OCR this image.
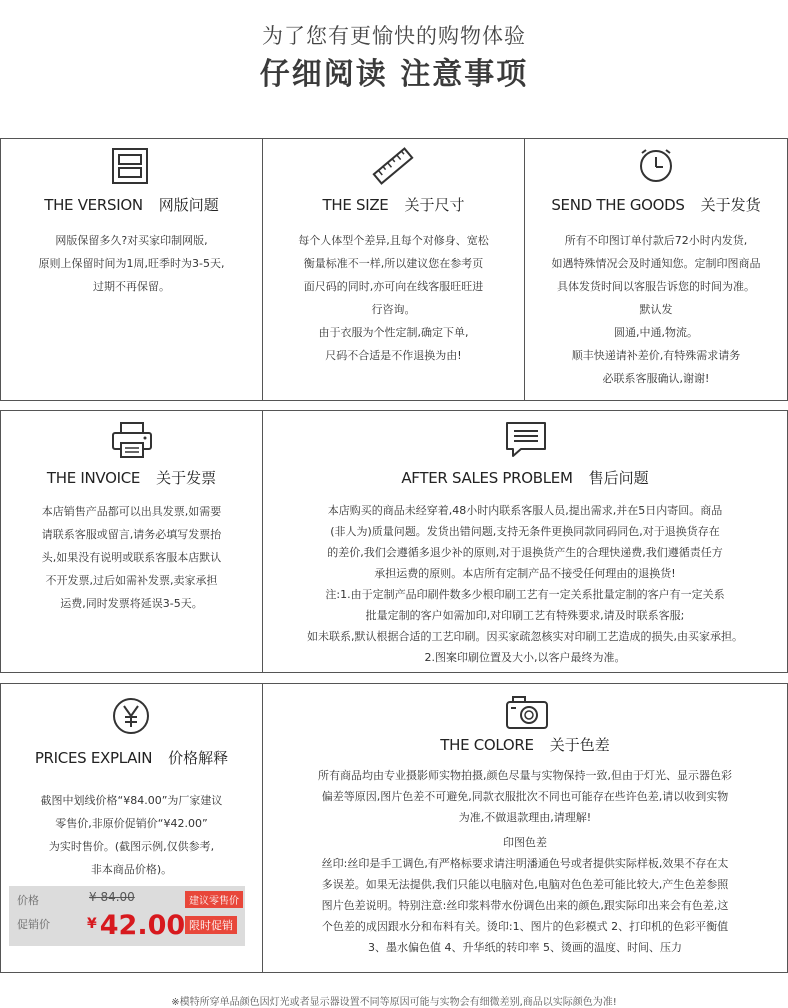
为了您有更愉快的购物体验
仔细阅读 注意事项
THE VERSION 网版问题

网版保留多久?对买家印制网版,

原则上保留时间为1周,旺季时为3-5天,

过期不再保留。

THE SIZE 关于尺寸

每个人体型个差异,且每个对修身、宽松

衡量标准不一样,所以建议您在参考页

面尺码的同时,亦可向在线客服旺旺进

行咨询。

由于衣服为个性定制,确定下单,

尺码不合适是不作退换为由!

SEND THE GOODS 关于发货

所有不印图订单付款后72小时内发货,

如遇特殊情况会及时通知您。定制印图商品

具体发货时间以客服告诉您的时间为准。

默认发

圆通,中通,物流。

顺丰快递请补差价,有特殊需求请务

必联系客服确认,谢谢!

THE INVOICE 关于发票

本店销售产品都可以出具发票,如需要

请联系客服或留言,请务必填写发票抬

头,如果没有说明或联系客服本店默认

不开发票,过后如需补发票,卖家承担

运费,同时发票将延误3-5天。

AFTER SALES PROBLEM 售后问题

本店购买的商品未经穿着,48小时内联系客服人员,提出需求,并在5日内寄回。商品

(非人为)质量问题。发货出错问题,支持无条件更换同款同码同色,对于退换货存在

的差价,我们会遵循多退少补的原则,对于退换货产生的合理快递费,我们遵循责任方

承担运费的原则。本店所有定制产品不接受任何理由的退换货!

注:1.由于定制产品印刷件数多少根印刷工艺有一定关系批量定制的客户有一定关系

批量定制的客户如需加印,对印刷工艺有特殊要求,请及时联系客服;

如未联系,默认根据合适的工艺印刷。因买家疏忽核实对印刷工艺造成的损失,由买家承担。

2.图案印刷位置及大小,以客户最终为准。

PRICES EXPLAIN 价格解释

截图中划线价格“¥84.00”为厂家建议

零售价,非原价促销价“¥42.00”

为实时售价。(截图示例,仅供参考,

非本商品价格)。

价格	¥ 84.00	建议零售价
促销价	¥ 42.00 限时促销
THE COLORE 关于色差

所有商品均由专业摄影师实物拍摄,颜色尽量与实物保持一致,但由于灯光、显示器色彩

偏差等原因,图片色差不可避免,同款衣服批次不同也可能存在些许色差,请以收到实物

为准,不做退款理由,请理解!

印图色差

丝印:丝印是手工调色,有严格标要求请注明潘通色号或者提供实际样板,效果不存在太

多误差。如果无法提供,我们只能以电脑对色,电脑对色色差可能比较大,产生色差参照

图片色差说明。特别注意:丝印浆料带水份调色出来的颜色,跟实际印出来会有色差,这

个色差的成因跟水分和布料有关。烫印:1、图片的色彩模式 2、打印机的色彩平衡值

3、墨水偏色值 4、升华纸的转印率 5、烫画的温度、时间、压力

※模特所穿单品颜色因灯光或者显示器设置不同等原因可能与实物会有细微差别,商品以实际颜色为准!
